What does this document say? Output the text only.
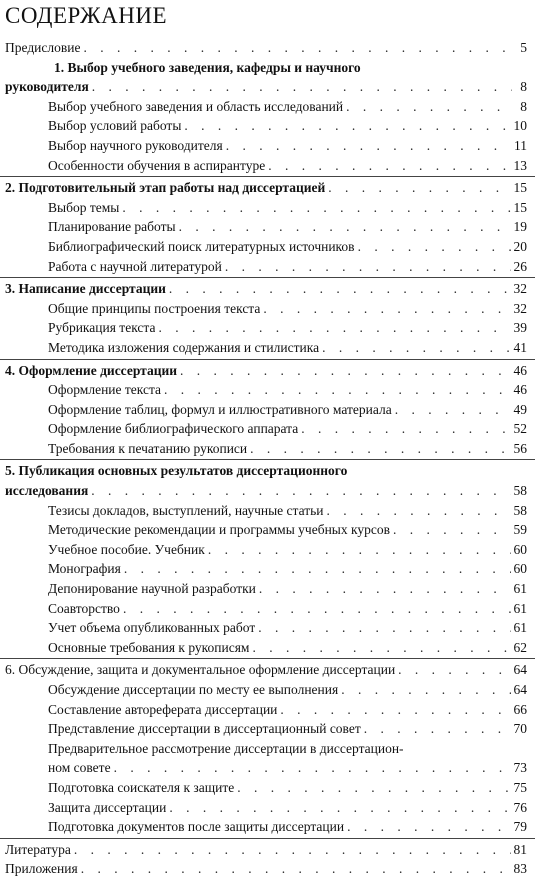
СОДЕРЖАНИЕ
Предисловие . . .	5
1. Выбор учебного заведения, кафедры и научного
руководителя . . .	8
Выбор учебного заведения и область исследований . . .	8
Выбор условий работы . . .	10
Выбор научного руководителя . . .	11
Особенности обучения в аспирантуре . . .	13
2. Подготовительный этап работы над диссертацией . . .	15
Выбор темы . . .	15
Планирование работы . . .	19
Библиографический поиск литературных источников . . .	20
Работа с научной литературой . . .	26
3. Написание диссертации . . .	32
Общие принципы построения текста . . .	32
Рубрикация текста . . .	39
Методика изложения содержания и стилистика . . .	41
4. Оформление диссертации . . .	46
Оформление текста . . .	46
Оформление таблиц, формул и иллюстративного материала . . .	49
Оформление библиографического аппарата . . .	52
Требования к печатанию рукописи . . .	56
5. Публикация основных результатов диссертационного
исследования . . .	58
Тезисы докладов, выступлений, научные статьи . . .	58
Методические рекомендации и программы учебных курсов . . .	59
Учебное пособие. Учебник . . .	60
Монография . . .	60
Депонирование научной разработки . . .	61
Соавторство . . .	61
Учет объема опубликованных работ . . .	61
Основные требования к рукописям . . .	62
6. Обсуждение, защита и документальное оформление диссертации . . .	64
Обсуждение диссертации по месту ее выполнения . . .	64
Составление автореферата диссертации . . .	66
Представление диссертации в диссертационный совет . . .	70
Предварительное рассмотрение диссертации в диссертацион-
ном совете . . .	73
Подготовка соискателя к защите . . .	75
Защита диссертации . . .	76
Подготовка документов после защиты диссертации . . .	79
Литература . . .	81
Приложения . . .	83
